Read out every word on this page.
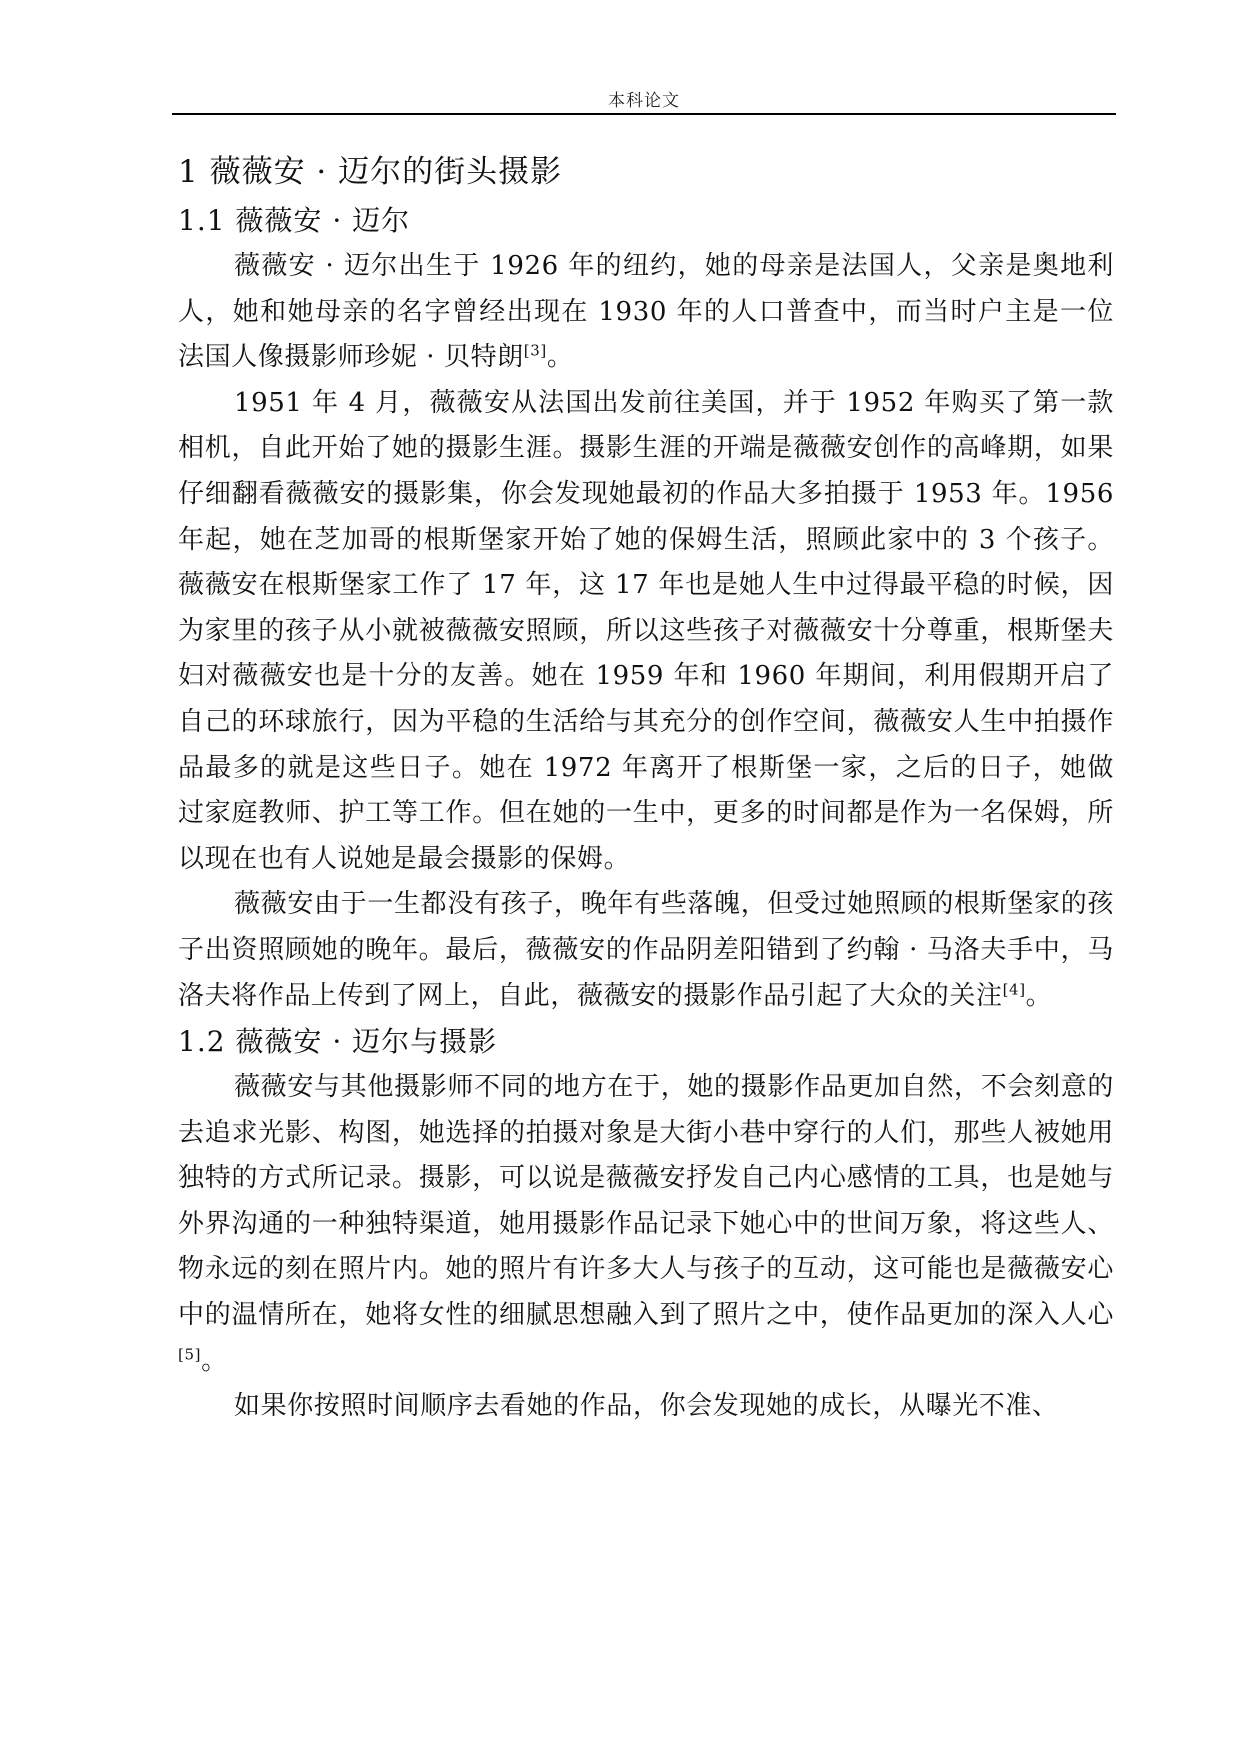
本科论文
1 薇薇安 · 迈尔的街头摄影
1.1 薇薇安 · 迈尔

薇薇安 · 迈尔出生于 1926 年的纽约，她的母亲是法国人，父亲是奥地利人，她和她母亲的名字曾经出现在 1930 年的人口普查中，而当时户主是一位法国人像摄影师珍妮 · 贝特朗[3]。

1951 年 4 月，薇薇安从法国出发前往美国，并于 1952 年购买了第一款相机，自此开始了她的摄影生涯。摄影生涯的开端是薇薇安创作的高峰期，如果仔细翻看薇薇安的摄影集，你会发现她最初的作品大多拍摄于 1953 年。1956 年起，她在芝加哥的根斯堡家开始了她的保姆生活，照顾此家中的 3 个孩子。薇薇安在根斯堡家工作了 17 年，这 17 年也是她人生中过得最平稳的时候，因为家里的孩子从小就被薇薇安照顾，所以这些孩子对薇薇安十分尊重，根斯堡夫妇对薇薇安也是十分的友善。她在 1959 年和 1960 年期间，利用假期开启了自己的环球旅行，因为平稳的生活给与其充分的创作空间，薇薇安人生中拍摄作品最多的就是这些日子。她在 1972 年离开了根斯堡一家，之后的日子，她做过家庭教师、护工等工作。但在她的一生中，更多的时间都是作为一名保姆，所以现在也有人说她是最会摄影的保姆。

薇薇安由于一生都没有孩子，晚年有些落魄，但受过她照顾的根斯堡家的孩子出资照顾她的晚年。最后，薇薇安的作品阴差阳错到了约翰 · 马洛夫手中，马洛夫将作品上传到了网上，自此，薇薇安的摄影作品引起了大众的关注[4]。

1.2 薇薇安 · 迈尔与摄影

薇薇安与其他摄影师不同的地方在于，她的摄影作品更加自然，不会刻意的去追求光影、构图，她选择的拍摄对象是大街小巷中穿行的人们，那些人被她用独特的方式所记录。摄影，可以说是薇薇安抒发自己内心感情的工具，也是她与外界沟通的一种独特渠道，她用摄影作品记录下她心中的世间万象，将这些人、物永远的刻在照片内。她的照片有许多大人与孩子的互动，这可能也是薇薇安心中的温情所在，她将女性的细腻思想融入到了照片之中，使作品更加的深入人心[5]。

如果你按照时间顺序去看她的作品，你会发现她的成长，从曝光不准、
